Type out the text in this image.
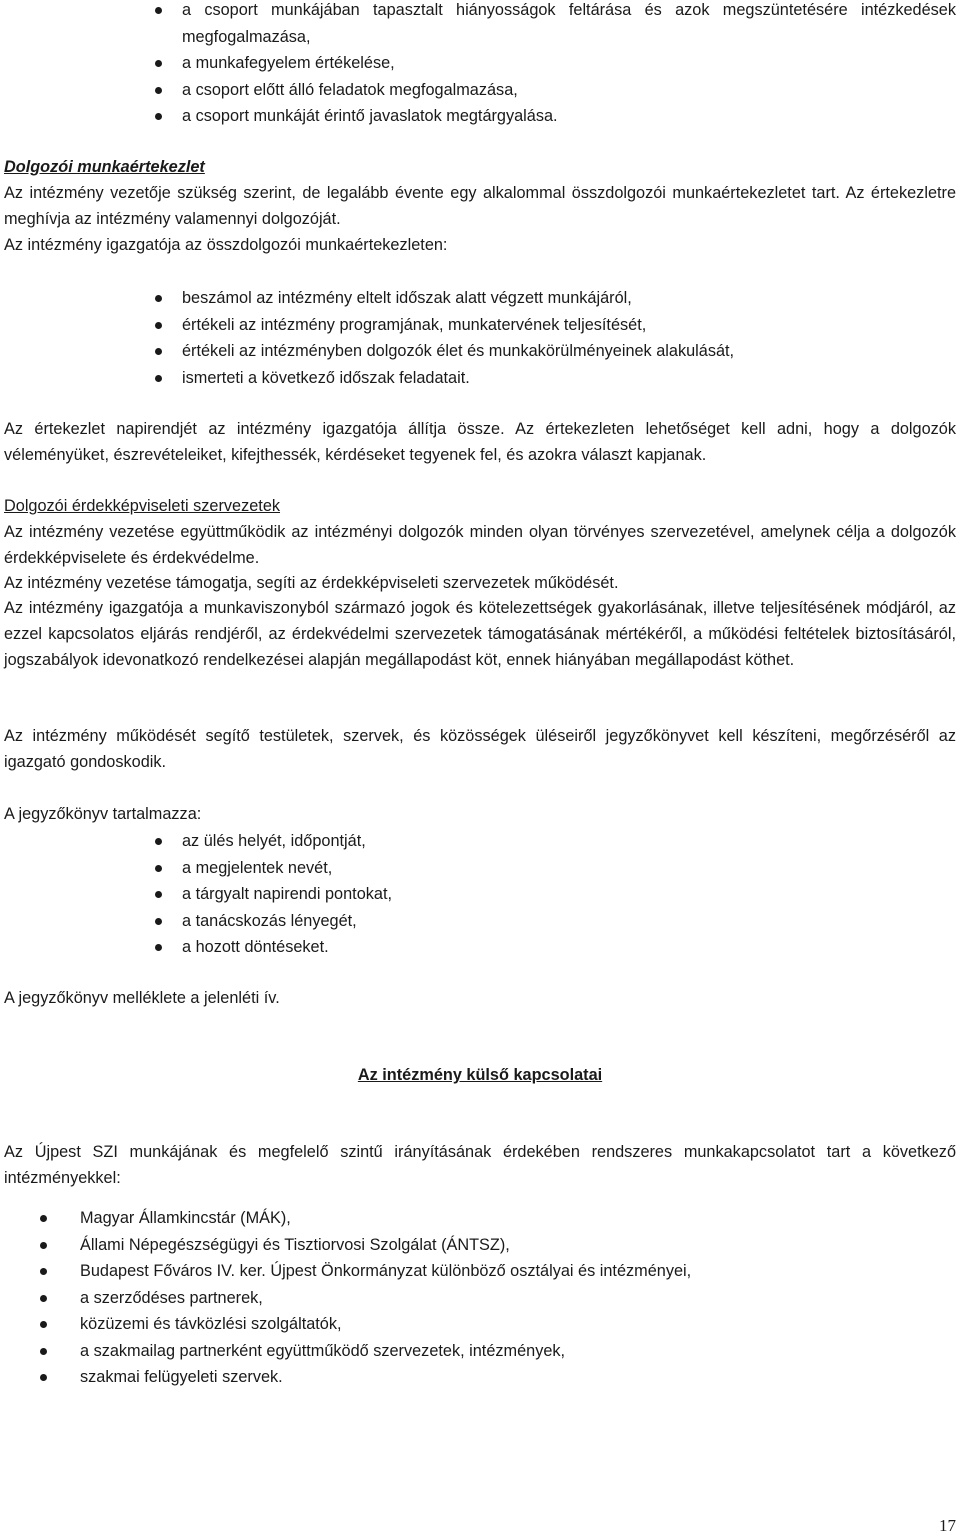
a csoport munkájában tapasztalt hiányosságok feltárása és azok megszüntetésére intézkedések megfogalmazása,
a munkafegyelem értékelése,
a csoport előtt álló feladatok megfogalmazása,
a csoport munkáját érintő javaslatok megtárgyalása.
Dolgozói munkaértekezlet
Az intézmény vezetője szükség szerint, de legalább évente egy alkalommal összdolgozói munkaértekezletet tart. Az értekezletre meghívja az intézmény valamennyi dolgozóját.
Az intézmény igazgatója az összdolgozói munkaértekezleten:
beszámol az intézmény eltelt időszak alatt végzett munkájáról,
értékeli az intézmény programjának, munkatervének teljesítését,
értékeli az intézményben dolgozók élet és munkakörülményeinek alakulását,
ismerteti a következő időszak feladatait.
Az értekezlet napirendjét az intézmény igazgatója állítja össze. Az értekezleten lehetőséget kell adni, hogy a dolgozók véleményüket, észrevételeiket, kifejthessék, kérdéseket tegyenek fel, és azokra választ kapjanak.
Dolgozói érdekképviseleti szervezetek
Az intézmény vezetése együttműködik az intézményi dolgozók minden olyan törvényes szervezetével, amelynek célja a dolgozók érdekképviselete és érdekvédelme.
Az intézmény vezetése támogatja, segíti az érdekképviseleti szervezetek működését.
Az intézmény igazgatója a munkaviszonyból származó jogok és kötelezettségek gyakorlásának, illetve teljesítésének módjáról, az ezzel kapcsolatos eljárás rendjéről, az érdekvédelmi szervezetek támogatásának mértékéről, a működési feltételek biztosításáról, jogszabályok idevonatkozó rendelkezései alapján megállapodást köt, ennek hiányában megállapodást köthet.
Az intézmény működését segítő testületek, szervek, és közösségek üléseiről jegyzőkönyvet kell készíteni, megőrzéséről az igazgató gondoskodik.
A jegyzőkönyv tartalmazza:
az ülés helyét, időpontját,
a megjelentek nevét,
a tárgyalt napirendi pontokat,
a tanácskozás lényegét,
a hozott döntéseket.
A jegyzőkönyv melléklete a jelenléti ív.
Az intézmény külső kapcsolatai
Az Újpest SZI munkájának és megfelelő szintű irányításának érdekében rendszeres munkakapcsolatot tart a következő intézményekkel:
Magyar Államkincstár (MÁK),
Állami Népegészségügyi és Tisztiorvosi Szolgálat (ÁNTSZ),
Budapest Főváros IV. ker. Újpest Önkormányzat különböző osztályai és intézményei,
a szerződéses partnerek,
közüzemi és távközlési szolgáltatók,
a szakmailag partnerként együttműködő szervezetek, intézmények,
szakmai felügyeleti szervek.
17
